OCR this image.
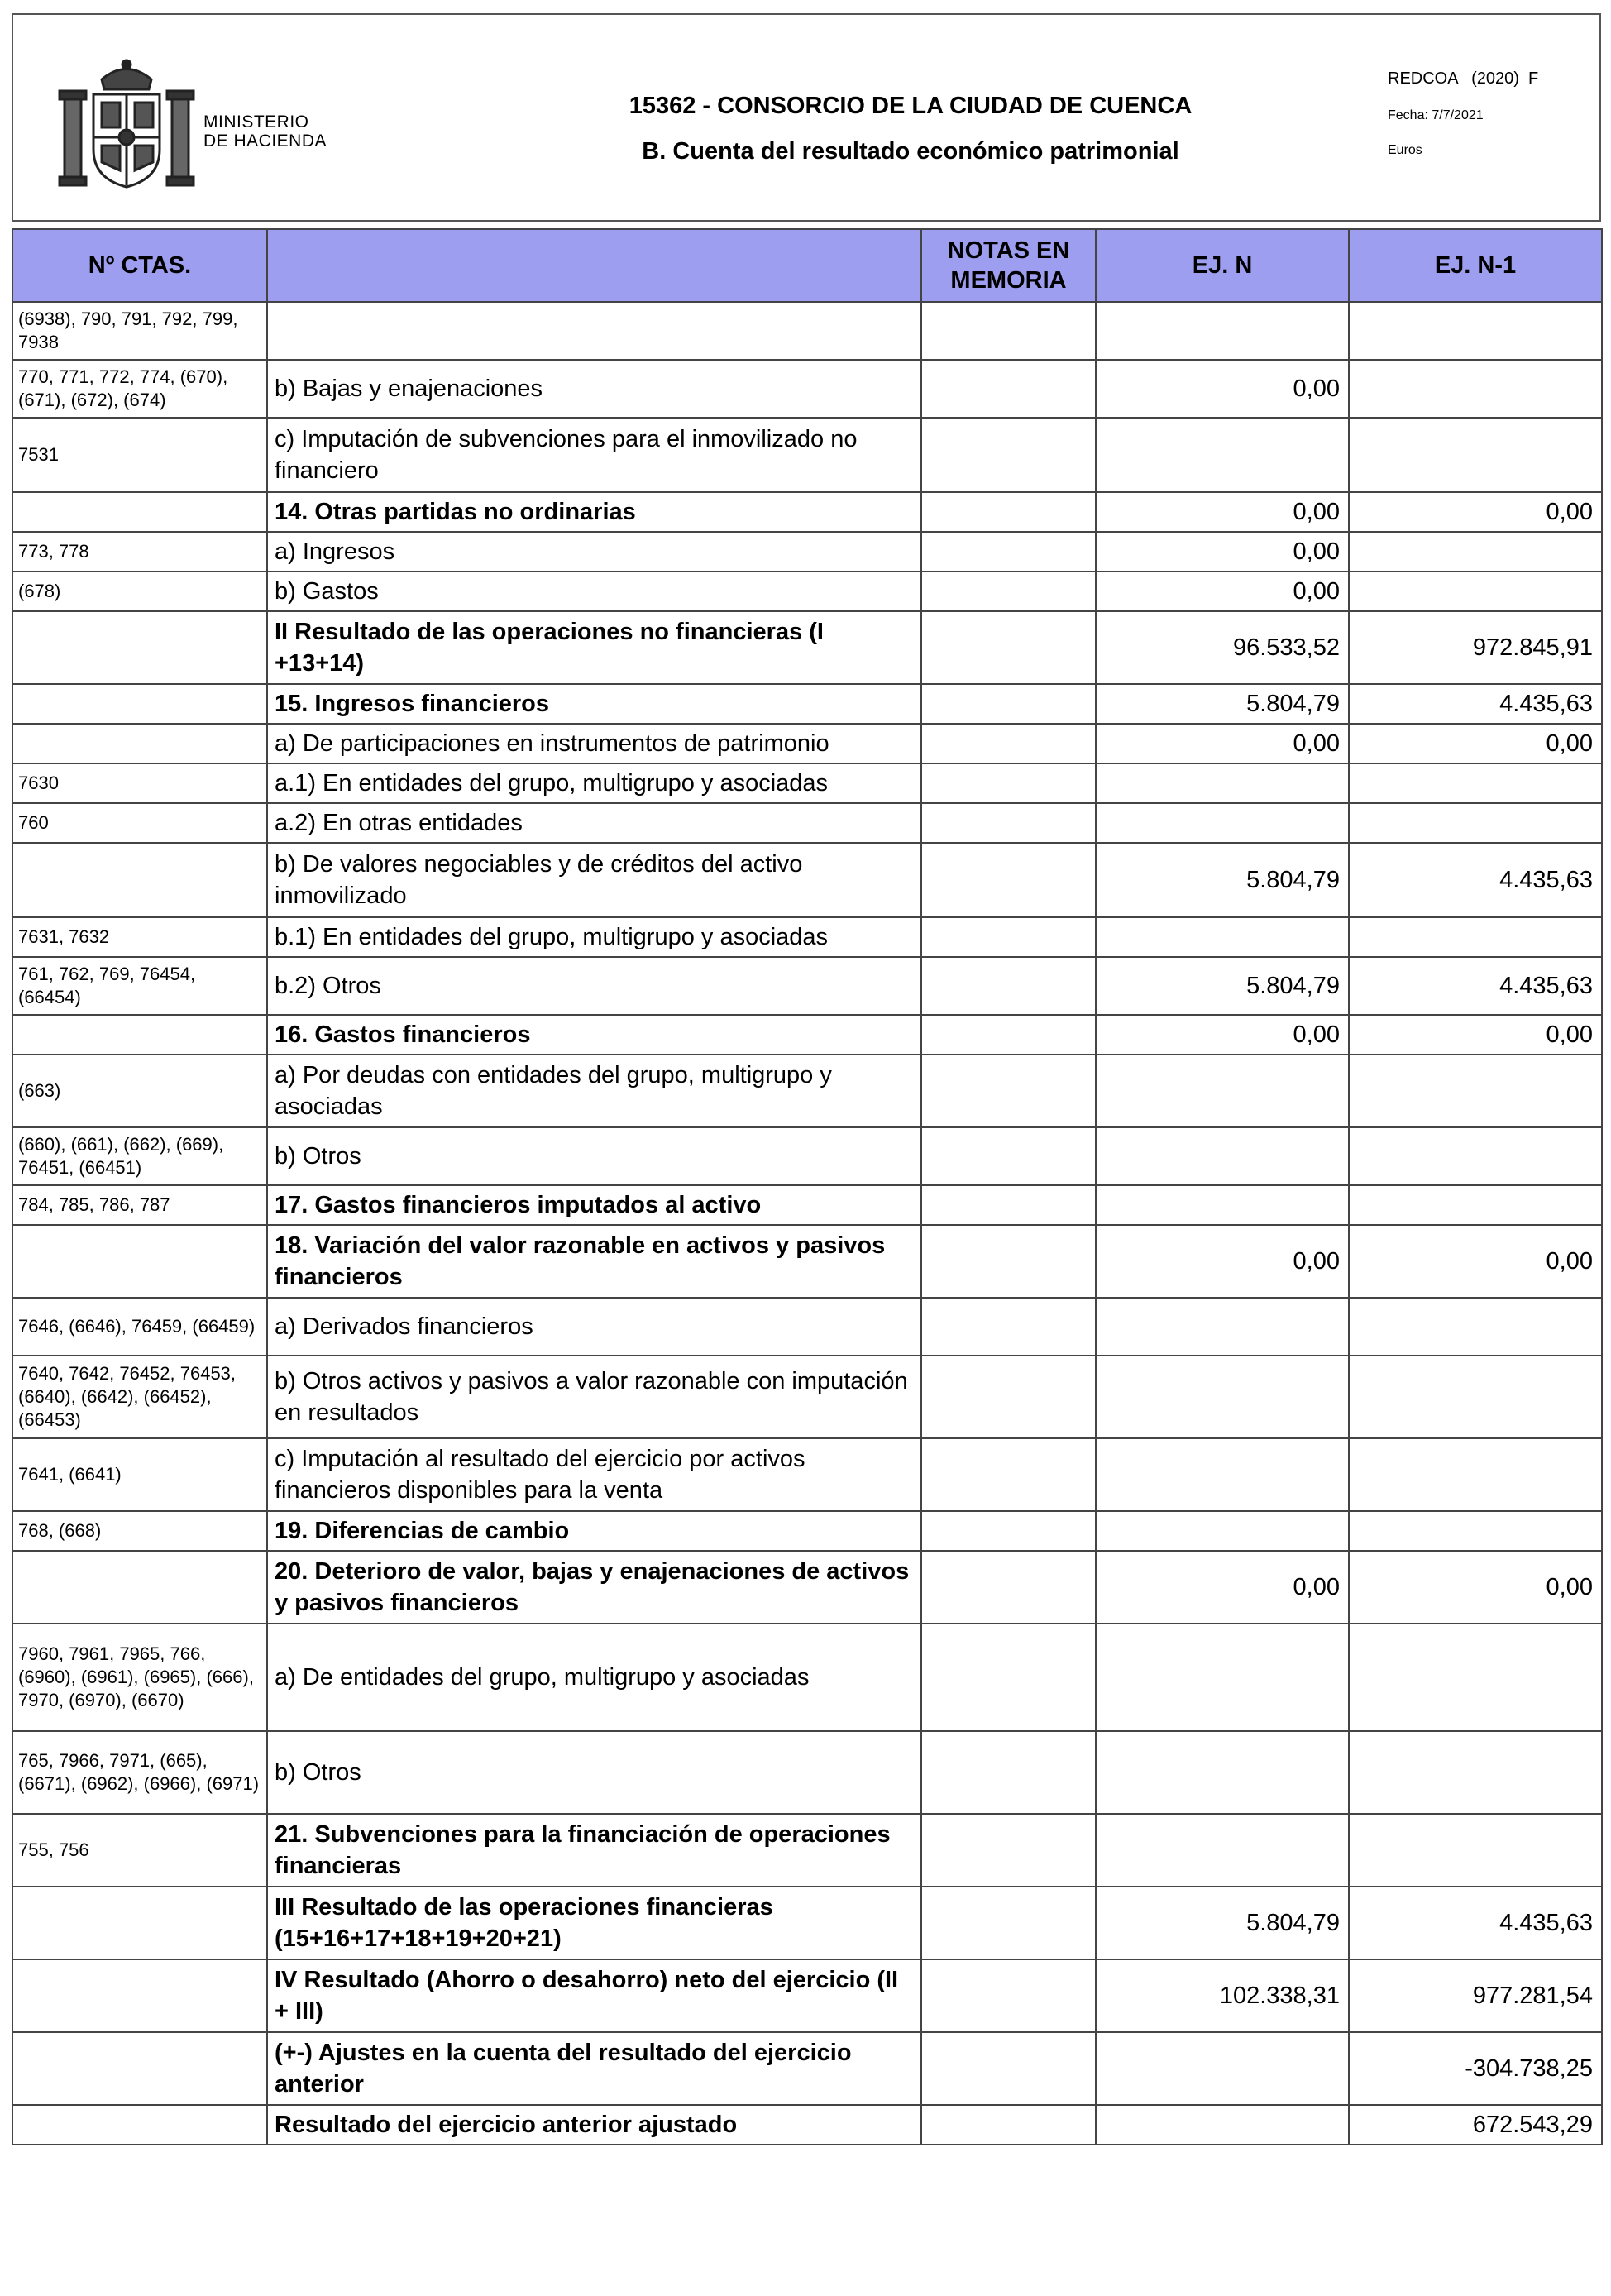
MINISTERIO
DE HACIENDA
15362 - CONSORCIO DE LA CIUDAD DE CUENCA
B. Cuenta del resultado económico patrimonial
REDCOA   (2020)  F
Fecha: 7/7/2021
Euros
Nº CTAS.		NOTAS EN MEMORIA	EJ. N	EJ. N-1
(6938), 790, 791, 792, 799, 7938				
770, 771, 772, 774, (670), (671), (672), (674)	b) Bajas y enajenaciones		0,00	
7531	c) Imputación de subvenciones para el inmovilizado no financiero			
	14. Otras partidas no ordinarias		0,00	0,00
773, 778	a) Ingresos		0,00	
(678)	b) Gastos		0,00	
	II Resultado de las operaciones no financieras (I +13+14)		96.533,52	972.845,91
	15. Ingresos financieros		5.804,79	4.435,63
	a) De participaciones en instrumentos de patrimonio		0,00	0,00
7630	a.1) En entidades del grupo, multigrupo y asociadas			
760	a.2) En otras entidades			
	b) De valores negociables y de créditos del activo inmovilizado		5.804,79	4.435,63
7631, 7632	b.1) En entidades del grupo, multigrupo y asociadas			
761, 762, 769, 76454, (66454)	b.2) Otros		5.804,79	4.435,63
	16. Gastos financieros		0,00	0,00
(663)	a) Por deudas con entidades del grupo, multigrupo y asociadas			
(660), (661), (662), (669), 76451, (66451)	b) Otros			
784, 785, 786, 787	17. Gastos financieros imputados al activo			
	18. Variación del valor razonable en activos y pasivos financieros		0,00	0,00
7646, (6646), 76459, (66459)	a) Derivados financieros			
7640, 7642, 76452, 76453, (6640), (6642), (66452), (66453)	b) Otros activos y pasivos a valor razonable con imputación en resultados			
7641, (6641)	c) Imputación al resultado del ejercicio por activos financieros disponibles para la venta			
768, (668)	19. Diferencias de cambio			
	20. Deterioro de valor, bajas y enajenaciones de activos y pasivos financieros		0,00	0,00
7960, 7961, 7965, 766, (6960), (6961), (6965), (666), 7970, (6970), (6670)	a) De entidades del grupo, multigrupo y asociadas			
765, 7966, 7971, (665), (6671), (6962), (6966), (6971)	b) Otros			
755, 756	21. Subvenciones para la financiación de operaciones financieras			
	III Resultado de las operaciones financieras (15+16+17+18+19+20+21)		5.804,79	4.435,63
	IV Resultado (Ahorro o desahorro) neto del ejercicio (II + III)		102.338,31	977.281,54
	(+-) Ajustes en la cuenta del resultado del ejercicio anterior			-304.738,25
	Resultado del ejercicio anterior ajustado			672.543,29
